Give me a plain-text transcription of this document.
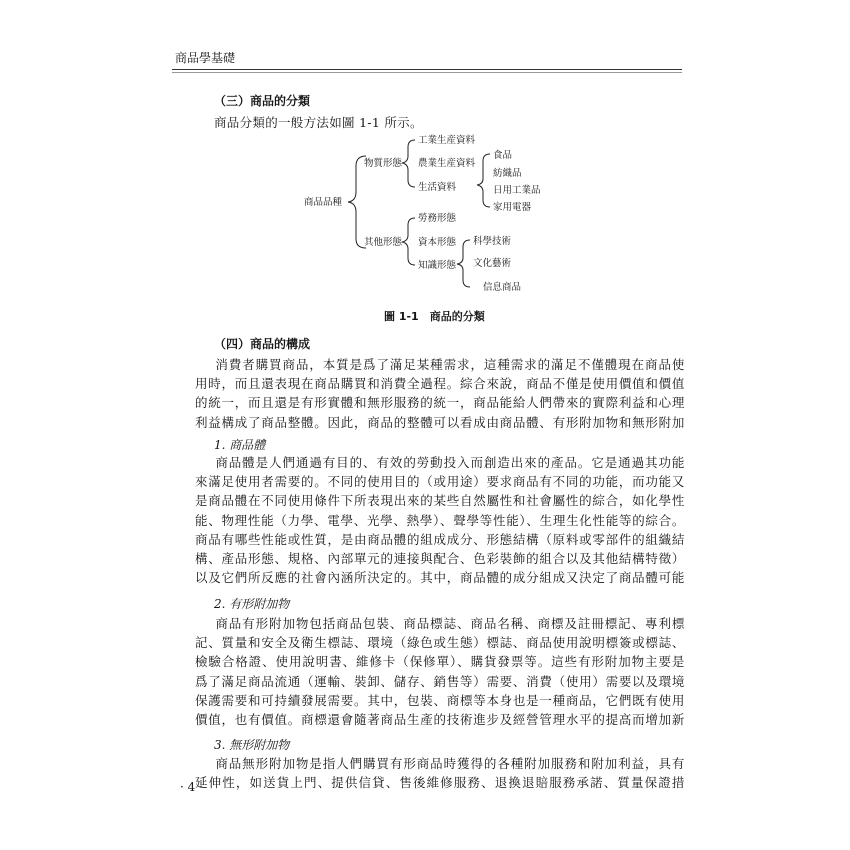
商品學基礎
（三）商品的分類
商品分類的一般方法如圖 1-1 所示。
商品品種
物質形態
其他形態
工業生産資料
農業生産資料
生活資料
食品
紡織品
日用工業品
家用電器
勞務形態
資本形態
知識形態
科學技術
文化藝術
信息商品
圖 1-1　商品的分類
（四）商品的構成
消費者購買商品，本質是爲了滿足某種需求，這種需求的滿足不僅體現在商品使用時，而且還表現在商品購買和消費全過程。綜合來說，商品不僅是使用價值和價值的統一，而且還是有形實體和無形服務的統一，商品能給人們帶來的實際利益和心理利益構成了商品整體。因此，商品的整體可以看成由商品體、有形附加物和無形附加
1. 商品體
商品體是人們通過有目的、有效的勞動投入而創造出來的產品。它是通過其功能來滿足使用者需要的。不同的使用目的（或用途）要求商品有不同的功能，而功能又是商品體在不同使用條件下所表現出來的某些自然屬性和社會屬性的綜合，如化學性能、物理性能（力學、電學、光學、熱學）、聲學等性能）、生理生化性能等的綜合。商品有哪些性能或性質，是由商品體的組成成分、形態結構（原料或零部件的組織結構、產品形態、規格、內部單元的連接與配合、色彩裝飾的組合以及其他結構特徵）以及它們所反應的社會內涵所決定的。其中，商品體的成分組成又決定了商品體可能
2. 有形附加物
商品有形附加物包括商品包裝、商品標誌、商品名稱、商標及註冊標記、專利標記、質量和安全及衛生標誌、環境（綠色或生態）標誌、商品使用說明標簽或標誌、檢驗合格證、使用說明書、維修卡（保修單）、購貨發票等。這些有形附加物主要是爲了滿足商品流通（運輸、裝卸、儲存、銷售等）需要、消費（使用）需要以及環境保護需要和可持續發展需要。其中，包裝、商標等本身也是一種商品，它們既有使用價值，也有價值。商標還會隨著商品生產的技術進步及經營管理水平的提高而增加新
3. 無形附加物
商品無形附加物是指人們購買有形商品時獲得的各種附加服務和附加利益，具有延伸性，如送貨上門、提供信貸、售後維修服務、退換退賠服務承諾、質量保證措
· 4 ·
